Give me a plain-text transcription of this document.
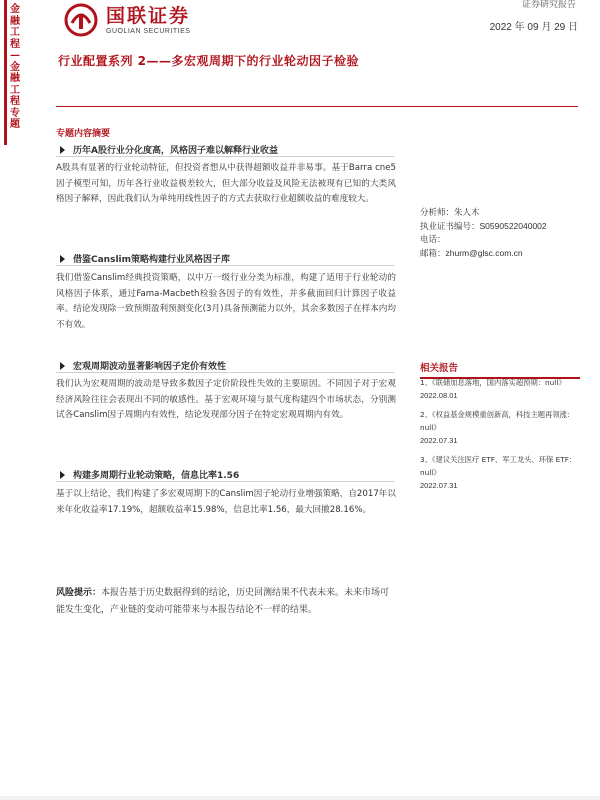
国联证券
GUOLIAN SECURITIES
证券研究报告
2022 年 09 月 29 日
金融工程—金融工程专题
行业配置系列 2——多宏观周期下的行业轮动因子检验
专题内容摘要
历年A股行业分化度高，风格因子难以解释行业收益
A股具有显著的行业轮动特征，但投资者想从中获得超额收益并非易事。基于Barra cne5因子模型可知，历年各行业收益极差较大，但大部分收益及风险无法被现有已知的大类风格因子解释，因此我们认为单纯用线性因子的方式去获取行业超额收益的难度较大。
借鉴Canslim策略构建行业风格因子库
我们借鉴Canslim经典投资策略，以中万一级行业分类为标准，构建了适用于行业轮动的风格因子体系，通过Fama-Macbeth检验各因子的有效性，并多截面回归计算因子收益率。结论发现除一致预期盈利预测变化(3月)具备预测能力以外，其余多数因子在样本内均不有效。
宏观周期波动显著影响因子定价有效性
我们认为宏观周期的波动是导致多数因子定价阶段性失效的主要原因。不同因子对于宏观经济风险往往会表现出不同的敏感性。基于宏观环境与景气度构建四个市场状态，分别测试各Canslim因子周期内有效性，结论发现部分因子在特定宏观周期内有效。
构建多周期行业轮动策略，信息比率1.56
基于以上结论，我们构建了多宏观周期下的Canslim因子轮动行业增强策略，自2017年以来年化收益率17.19%，超额收益率15.98%，信息比率1.56，最大回撤28.16%。
风险提示：本报告基于历史数据得到的结论，历史回测结果不代表未来。未来市场可能发生变化，产业链的变动可能带来与本报告结论不一样的结果。
分析师：朱人木
执业证书编号：S0590522040002
电话：
邮箱：zhurm@glsc.com.cn
相关报告
1、《联储加息落地，国内落实超预期：null》
2022.08.01
2、《权益基金规模重创新高，科技主题再领涨：null》
2022.07.31
3、《建议关注医疗 ETF、军工龙头、环保 ETF：null》
2022.07.31
